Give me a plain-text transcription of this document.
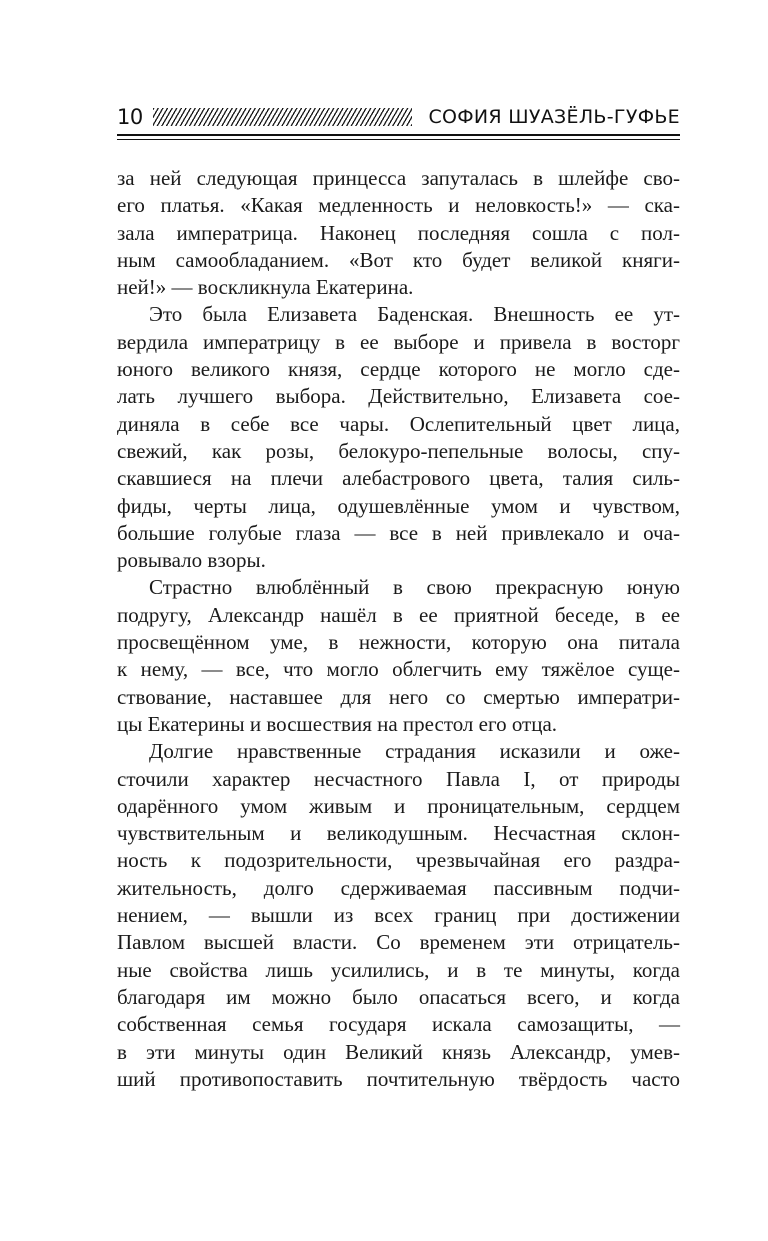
10	СОФИЯ ШУАЗЁЛЬ-ГУФЬЕ
за ней следующая принцесса запуталась в шлейфе сво-
его платья. «Какая медленность и неловкость!» — ска-
зала императрица. Наконец последняя сошла с пол-
ным самообладанием. «Вот кто будет великой княги-
ней!» — воскликнула Екатерина.
Это была Елизавета Баденская. Внешность ее ут-
вердила императрицу в ее выборе и привела в восторг
юного великого князя, сердце которого не могло сде-
лать лучшего выбора. Действительно, Елизавета сое-
диняла в себе все чары. Ослепительный цвет лица,
свежий, как розы, белокуро-пепельные волосы, спу-
скавшиеся на плечи алебастрового цвета, талия силь-
фиды, черты лица, одушевлённые умом и чувством,
большие голубые глаза — все в ней привлекало и оча-
ровывало взоры.
Страстно влюблённый в свою прекрасную юную
подругу, Александр нашёл в ее приятной беседе, в ее
просвещённом уме, в нежности, которую она питала
к нему, — все, что могло облегчить ему тяжёлое суще-
ствование, наставшее для него со смертью императри-
цы Екатерины и восшествия на престол его отца.
Долгие нравственные страдания исказили и оже-
сточили характер несчастного Павла I, от природы
одарённого умом живым и проницательным, сердцем
чувствительным и великодушным. Несчастная склон-
ность к подозрительности, чрезвычайная его раздра-
жительность, долго сдерживаемая пассивным подчи-
нением, — вышли из всех границ при достижении
Павлом высшей власти. Со временем эти отрицатель-
ные свойства лишь усилились, и в те минуты, когда
благодаря им можно было опасаться всего, и когда
собственная семья государя искала самозащиты, —
в эти минуты один Великий князь Александр, умев-
ший противопоставить почтительную твёрдость часто
